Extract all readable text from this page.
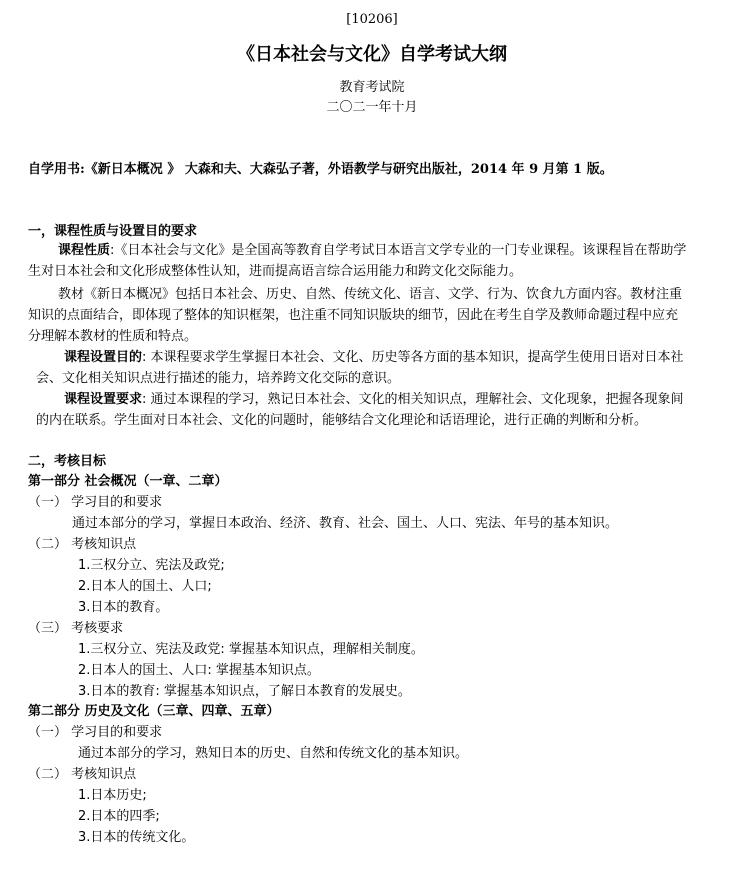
[10206]
《日本社会与文化》自学考试大纲
教育考试院
二〇二一年十月
自学用书:《新日本概况 》 大森和夫、大森弘子著，外语教学与研究出版社，2014 年 9 月第 1 版。
一，课程性质与设置目的要求
课程性质:《日本社会与文化》是全国高等教育自学考试日本语言文学专业的一门专业课程。该课程旨在帮助学
生对日本社会和文化形成整体性认知，进而提高语言综合运用能力和跨文化交际能力。
教材《新日本概况》包括日本社会、历史、自然、传统文化、语言、文学、行为、饮食九方面内容。教材注重
知识的点面结合，即体现了整体的知识框架，也注重不同知识版块的细节，因此在考生自学及教师命题过程中应充
分理解本教材的性质和特点。
课程设置目的: 本课程要求学生掌握日本社会、文化、历史等各方面的基本知识，提高学生使用日语对日本社
会、文化相关知识点进行描述的能力，培养跨文化交际的意识。
课程设置要求: 通过本课程的学习，熟记日本社会、文化的相关知识点，理解社会、文化现象，把握各现象间
的内在联系。学生面对日本社会、文化的问题时，能够结合文化理论和话语理论，进行正确的判断和分析。
二，考核目标
第一部分 社会概况（一章、二章）
（一） 学习目的和要求
通过本部分的学习，掌握日本政治、经济、教育、社会、国土、人口、宪法、年号的基本知识。
（二） 考核知识点
1.三权分立、宪法及政党;
2.日本人的国土、人口;
3.日本的教育。
（三） 考核要求
1.三权分立、宪法及政党: 掌握基本知识点，理解相关制度。
2.日本人的国土、人口: 掌握基本知识点。
3.日本的教育: 掌握基本知识点，了解日本教育的发展史。
第二部分 历史及文化（三章、四章、五章）
（一） 学习目的和要求
通过本部分的学习，熟知日本的历史、自然和传统文化的基本知识。
（二） 考核知识点
1.日本历史;
2.日本的四季;
3.日本的传统文化。
